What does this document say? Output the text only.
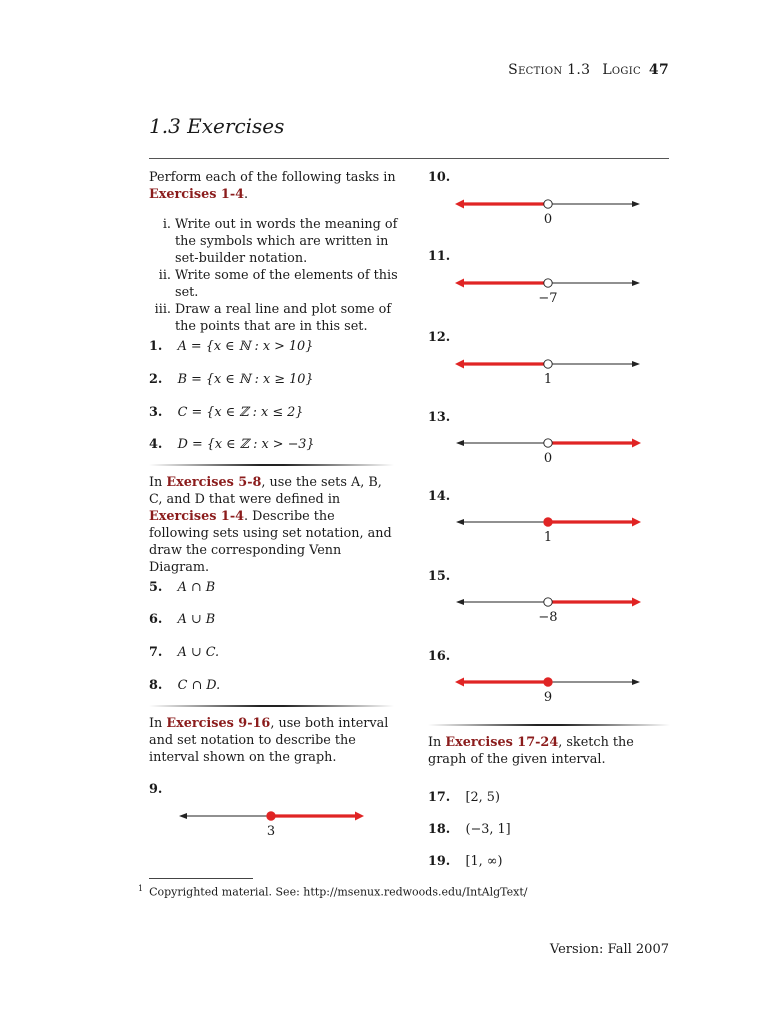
Section 1.3 Logic 47
1.3 Exercises
Perform each of the following tasks in Exercises 1-4.
i. Write out in words the meaning of the symbols which are written in set-builder notation.
ii. Write some of the elements of this set.
iii. Draw a real line and plot some of the points that are in this set.
1. A = {x ∈ ℕ : x > 10}
2. B = {x ∈ ℕ : x ≥ 10}
3. C = {x ∈ ℤ : x ≤ 2}
4. D = {x ∈ ℤ : x > −3}
In Exercises 5-8, use the sets A, B, C, and D that were defined in Exercises 1-4. Describe the following sets using set notation, and draw the corresponding Venn Diagram.
5. A ∩ B
6. A ∪ B
7. A ∪ C.
8. C ∩ D.
In Exercises 9-16, use both interval and set notation to describe the interval shown on the graph.
9.
3
10.
0
11.
−7
12.
1
13.
0
14.
1
15.
−8
16.
9
In Exercises 17-24, sketch the graph of the given interval.
17. [2, 5)
18. (−3, 1]
19. [1, ∞)
$^1$ Copyrighted material. See: http://msenux.redwoods.edu/IntAlgText/
Version: Fall 2007
